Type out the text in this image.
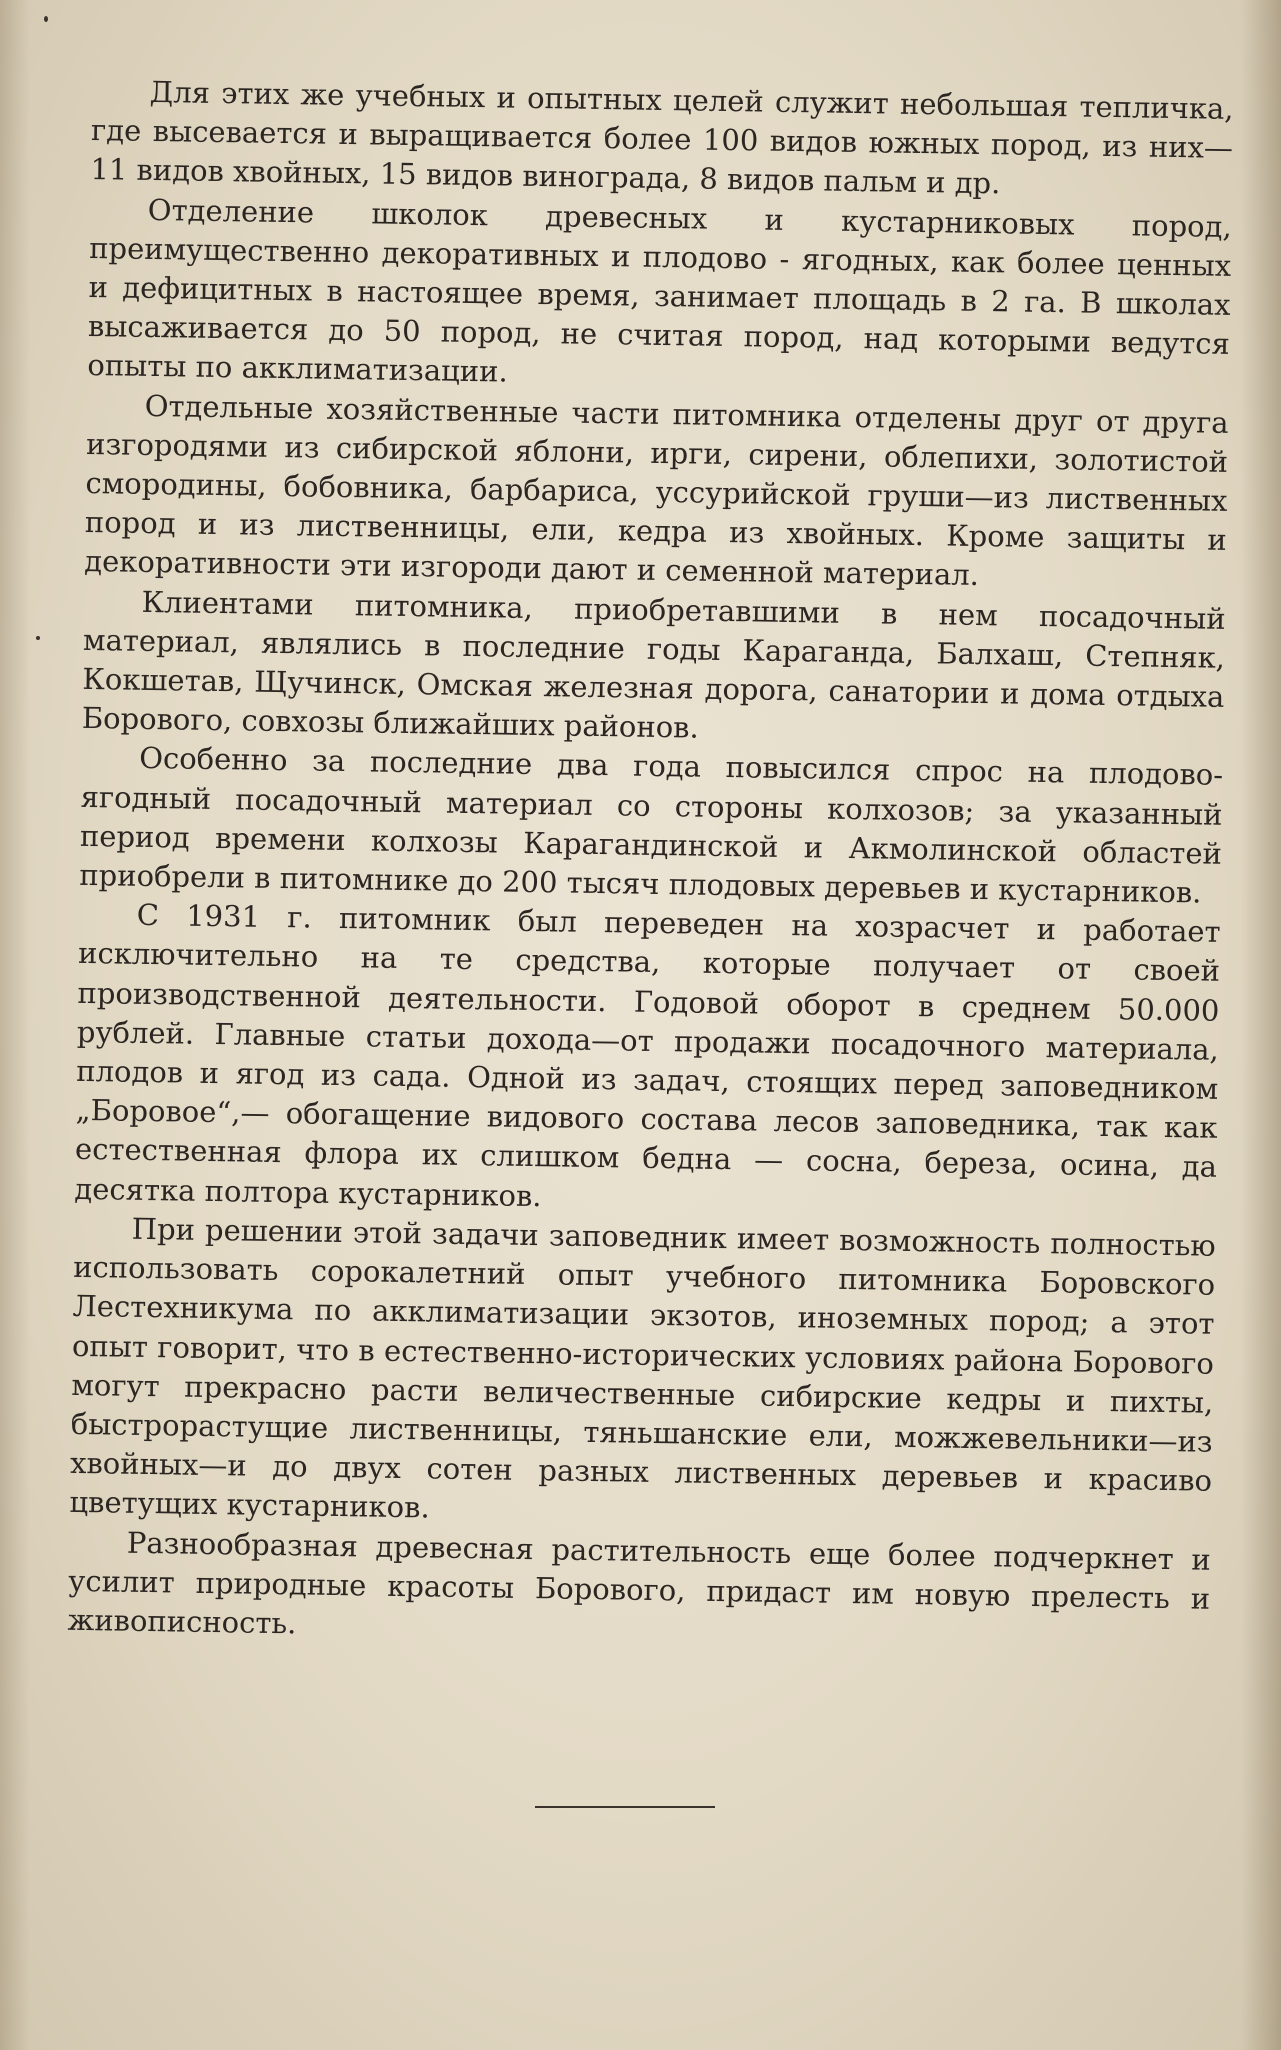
Для этих же учебных и опытных целей служит небольшая тепличка, где высевается и выращивается более 100 видов южных пород, из них—11 видов хвойных, 15 видов винограда, 8 видов пальм и др.

Отделение школок древесных и кустарниковых пород, преимущественно декоративных и плодово - ягодных, как более ценных и дефицитных в настоящее время, занимает площадь в 2 га. В школах высаживается до 50 пород, не считая пород, над которыми ведутся опыты по акклиматизации.

Отдельные хозяйственные части питомника отделены друг от друга изгородями из сибирской яблони, ирги, сирени, облепихи, золотистой смородины, бобовника, барбариса, уссурийской груши—из лиственных пород и из лиственницы, ели, кедра из хвойных. Кроме защиты и декоративности эти изгороди дают и семенной материал.

Клиентами питомника, приобретавшими в нем посадочный материал, являлись в последние годы Караганда, Балхаш, Степняк, Кокшетав, Щучинск, Омская железная дорога, санатории и дома отдыха Борового, совхозы ближайших районов.

Особенно за последние два года повысился спрос на плодово-ягодный посадочный материал со стороны колхозов; за указанный период времени колхозы Карагандинской и Акмолинской областей приобрели в питомнике до 200 тысяч плодовых деревьев и кустарников.

С 1931 г. питомник был переведен на хозрасчет и работает исключительно на те средства, которые получает от своей производственной деятельности. Годовой оборот в среднем 50.000 рублей. Главные статьи дохода—от продажи посадочного материала, плодов и ягод из сада. Одной из задач, стоящих перед заповедником „Боровое“,— обогащение видового состава лесов заповедника, так как естественная флора их слишком бедна — сосна, береза, осина, да десятка полтора кустарников.

При решении этой задачи заповедник имеет возможность полностью использовать сорокалетний опыт учебного питомника Боровского Лестехникума по акклиматизации экзотов, иноземных пород; а этот опыт говорит, что в естественно-исторических условиях района Борового могут прекрасно расти величественные сибирские кедры и пихты, быстрорастущие лиственницы, тяньшанские ели, можжевельники—из хвойных—и до двух сотен разных лиственных деревьев и красиво цветущих кустарников.

Разнообразная древесная растительность еще более подчеркнет и усилит природные красоты Борового, придаст им новую прелесть и живописность.
